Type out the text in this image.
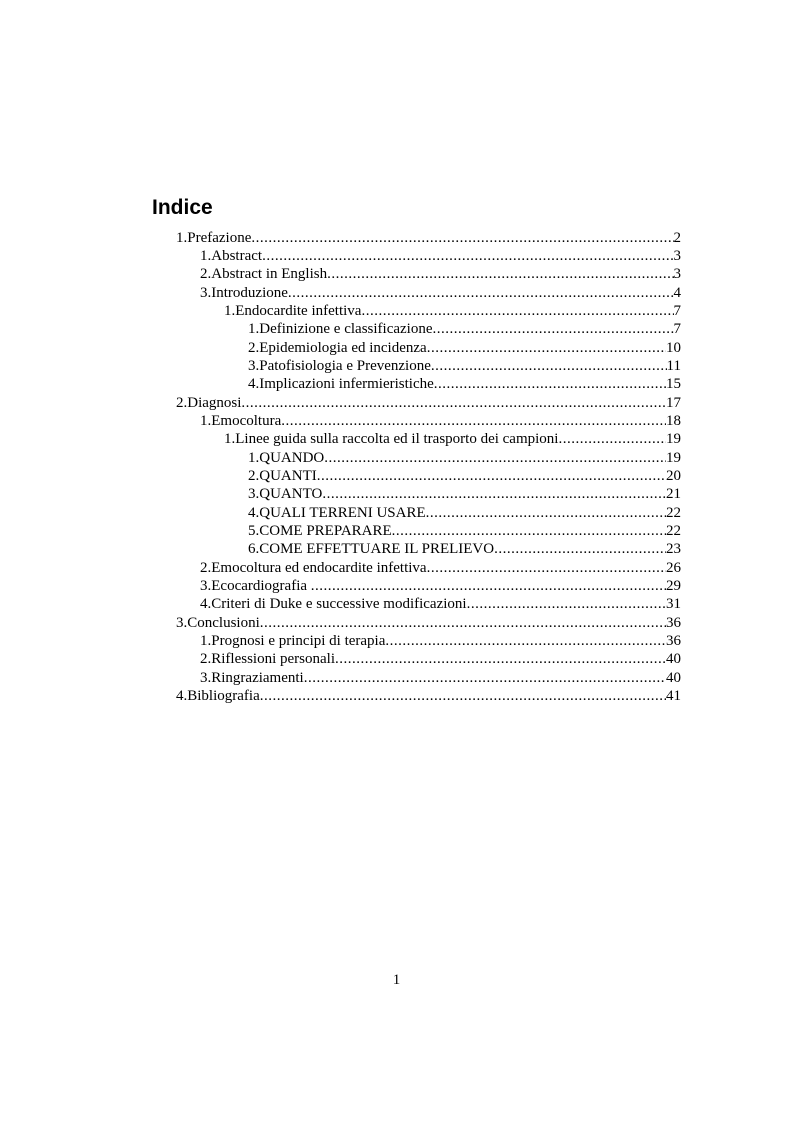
Indice
1. Prefazione .....	2
1. Abstract .....	3
2. Abstract in English .....	3
3. Introduzione .....	4
1. Endocardite infettiva .....	7
1. Definizione e classificazione .....	7
2. Epidemiologia ed incidenza .....	10
3. Patofisiologia e Prevenzione .....	11
4. Implicazioni infermieristiche .....	15
2. Diagnosi .....	17
1. Emocoltura .....	18
1. Linee guida sulla raccolta ed il trasporto dei campioni .....	19
1. QUANDO .....	19
2. QUANTI .....	20
3. QUANTO .....	21
4. QUALI TERRENI USARE .....	22
5. COME PREPARARE .....	22
6. COME EFFETTUARE IL PRELIEVO .....	23
2. Emocoltura ed endocardite infettiva .....	26
3. Ecocardiografia .....	29
4. Criteri di Duke e successive modificazioni .....	31
3. Conclusioni .....	36
1. Prognosi e principi di terapia .....	36
2. Riflessioni personali .....	40
3. Ringraziamenti .....	40
4. Bibliografia .....	41
1
